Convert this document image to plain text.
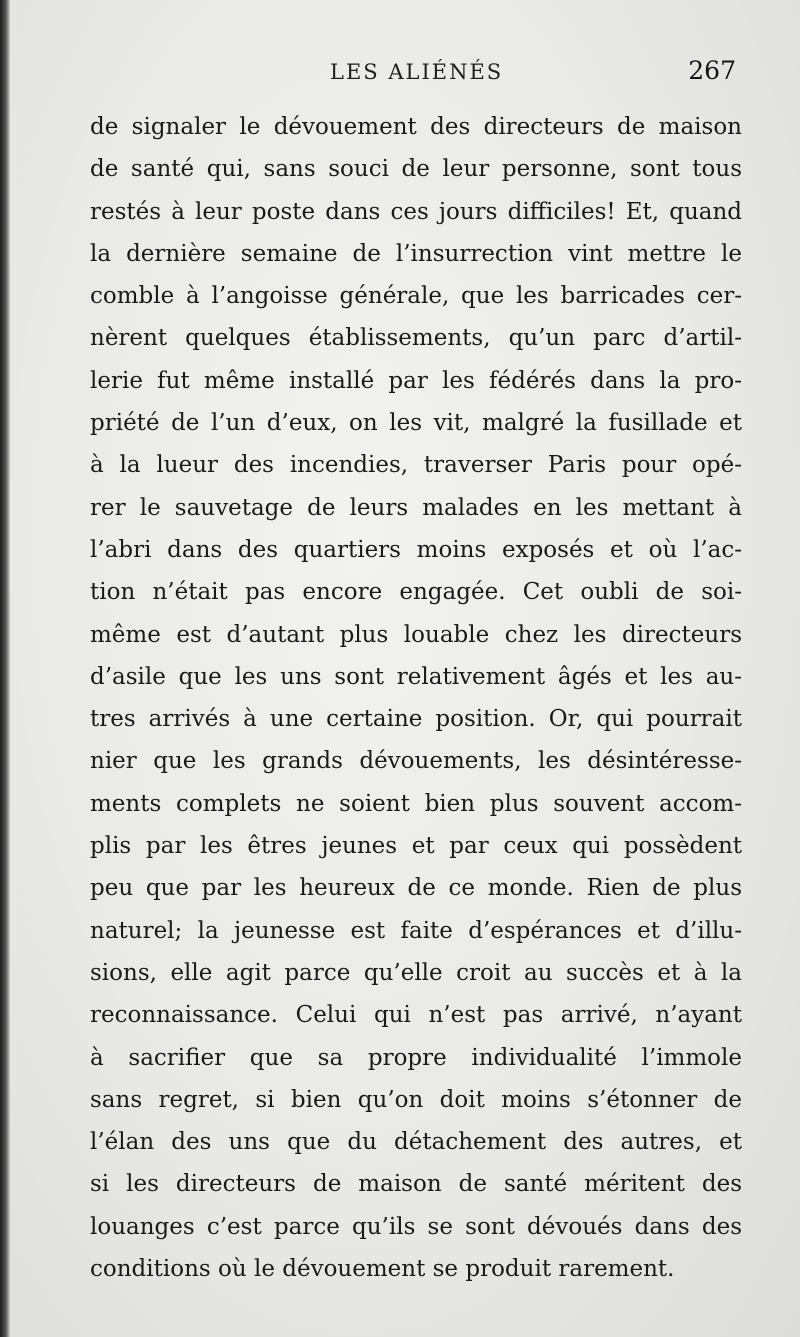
LES ALIÉNÉS	267
de signaler le dévouement des directeurs de maison
de santé qui, sans souci de leur personne, sont tous
restés à leur poste dans ces jours difficiles! Et, quand
la dernière semaine de l’insurrection vint mettre le
comble à l’angoisse générale, que les barricades cer-
nèrent quelques établissements, qu’un parc d’artil-
lerie fut même installé par les fédérés dans la pro-
priété de l’un d’eux, on les vit, malgré la fusillade et
à la lueur des incendies, traverser Paris pour opé-
rer le sauvetage de leurs malades en les mettant à
l’abri dans des quartiers moins exposés et où l’ac-
tion n’était pas encore engagée. Cet oubli de soi-
même est d’autant plus louable chez les directeurs
d’asile que les uns sont relativement âgés et les au-
tres arrivés à une certaine position. Or, qui pourrait
nier que les grands dévouements, les désintéresse-
ments complets ne soient bien plus souvent accom-
plis par les êtres jeunes et par ceux qui possèdent
peu que par les heureux de ce monde. Rien de plus
naturel; la jeunesse est faite d’espérances et d’illu-
sions, elle agit parce qu’elle croit au succès et à la
reconnaissance. Celui qui n’est pas arrivé, n’ayant
à sacrifier que sa propre individualité l’immole
sans regret, si bien qu’on doit moins s’étonner de
l’élan des uns que du détachement des autres, et
si les directeurs de maison de santé méritent des
louanges c’est parce qu’ils se sont dévoués dans des
conditions où le dévouement se produit rarement.
